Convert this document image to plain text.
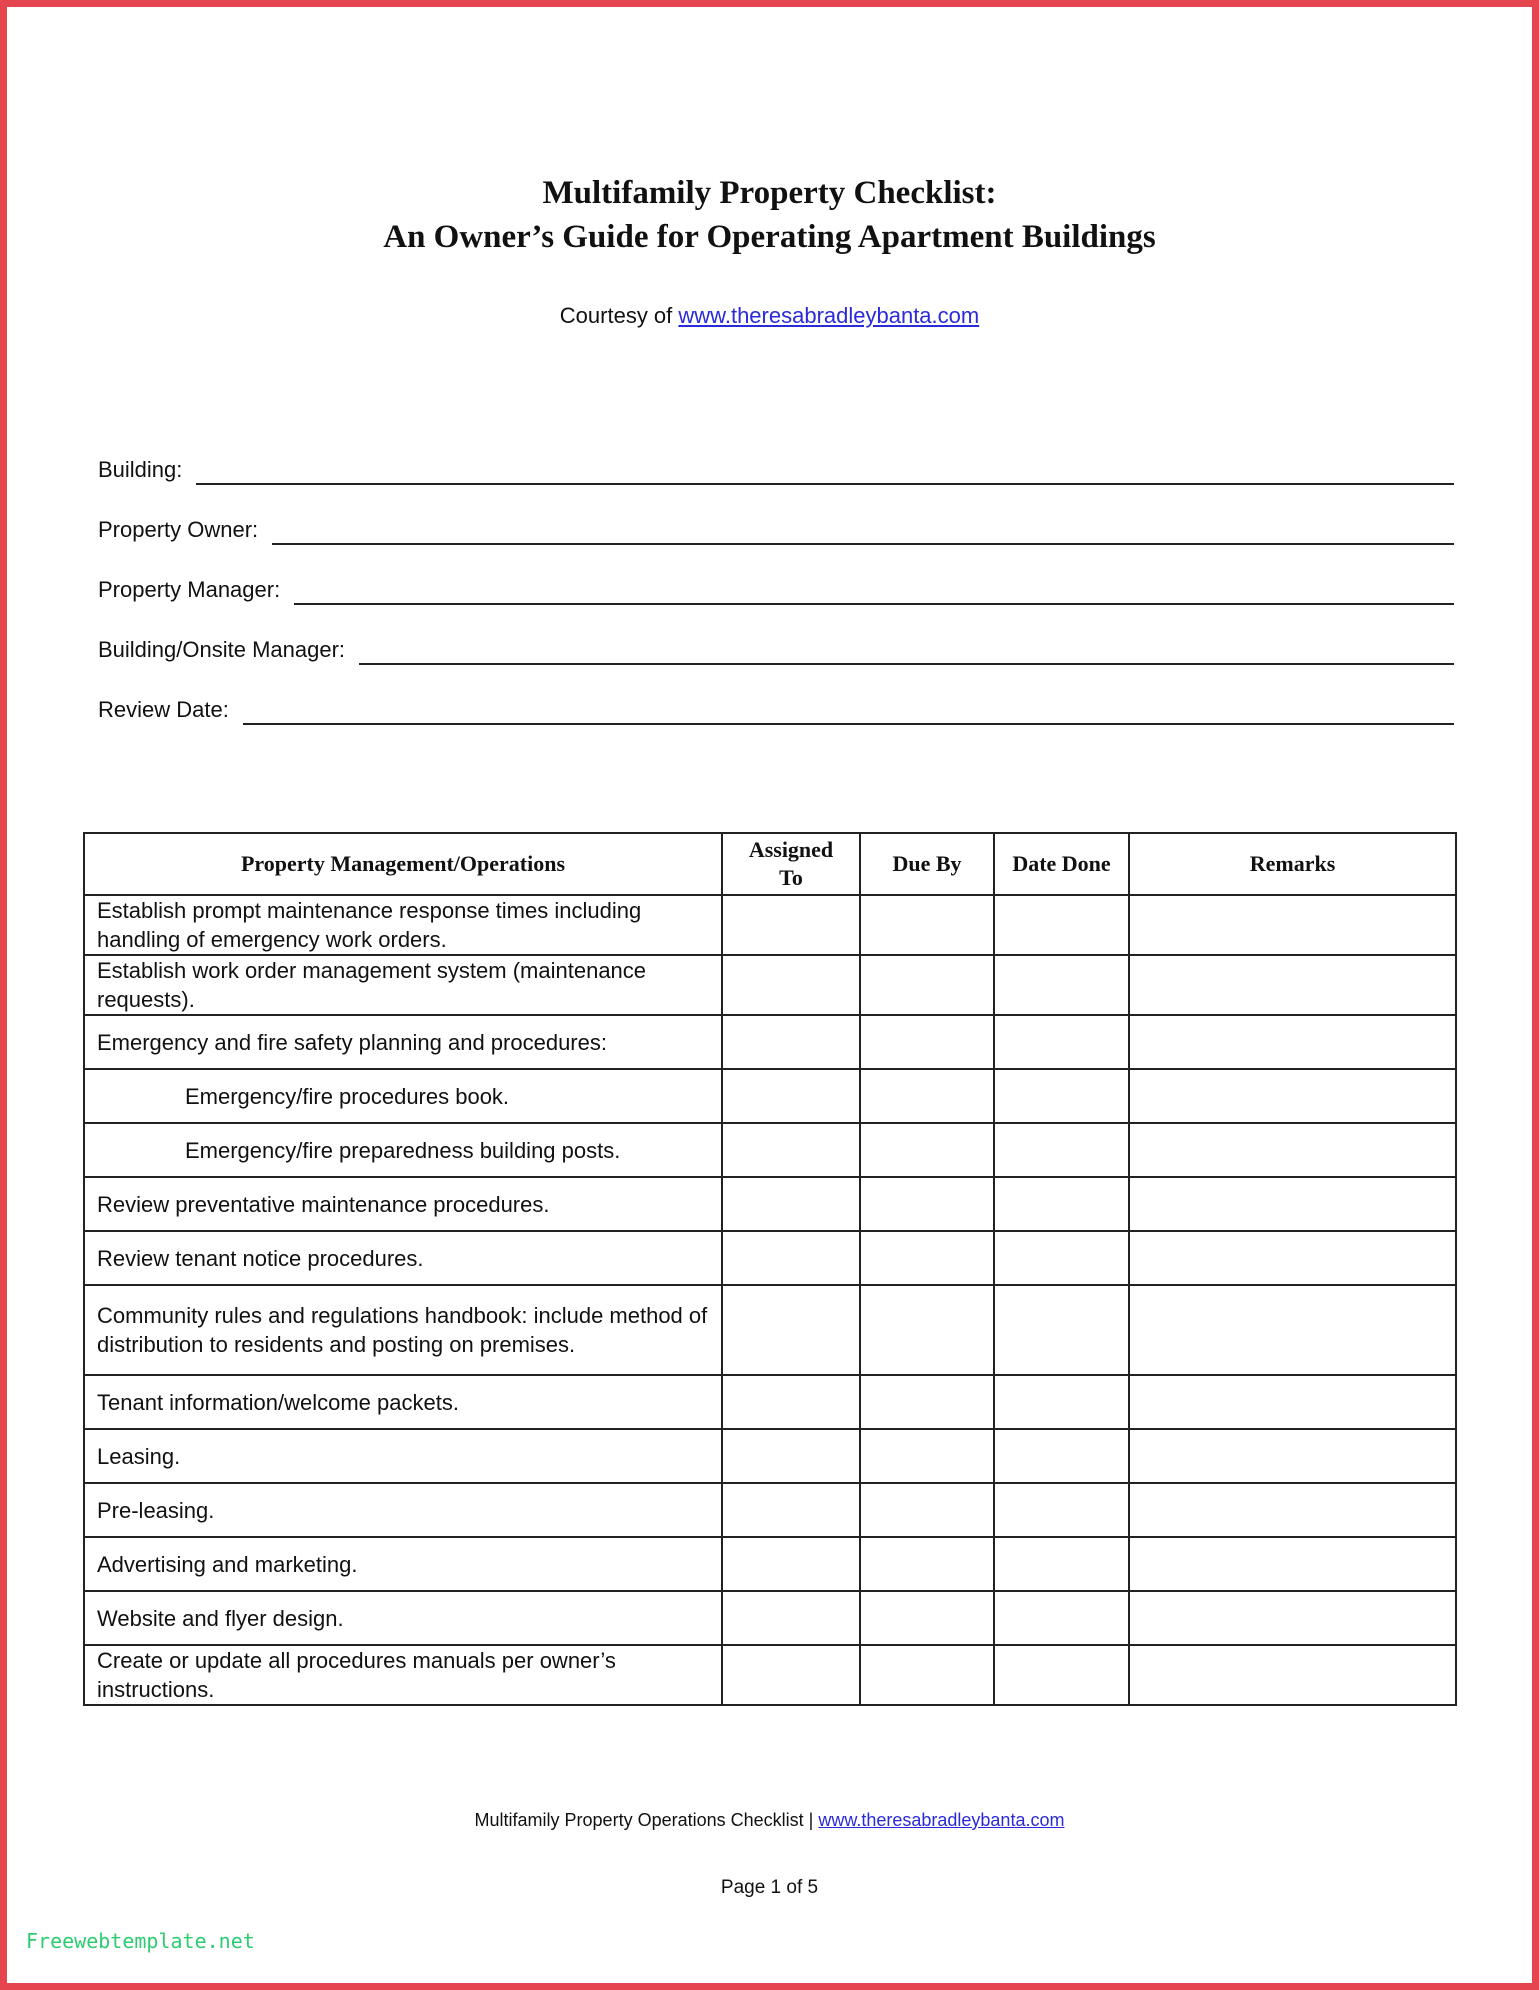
Multifamily Property Checklist:
An Owner’s Guide for Operating Apartment Buildings
Courtesy of www.theresabradleybanta.com
Building:
Property Owner:
Property Manager:
Building/Onsite Manager:
Review Date:
Property Management/Operations	Assigned To	Due By	Date Done	Remarks
Establish prompt maintenance response times including handling of emergency work orders.				
Establish work order management system (maintenance requests).				
Emergency and fire safety planning and procedures:				
Emergency/fire procedures book.				
Emergency/fire preparedness building posts.				
Review preventative maintenance procedures.				
Review tenant notice procedures.				
Community rules and regulations handbook: include method of distribution to residents and posting on premises.				
Tenant information/welcome packets.				
Leasing.				
Pre-leasing.				
Advertising and marketing.				
Website and flyer design.				
Create or update all procedures manuals per owner’s instructions.				
Multifamily Property Operations Checklist | www.theresabradleybanta.com
Page 1 of 5
Freewebtemplate.net
